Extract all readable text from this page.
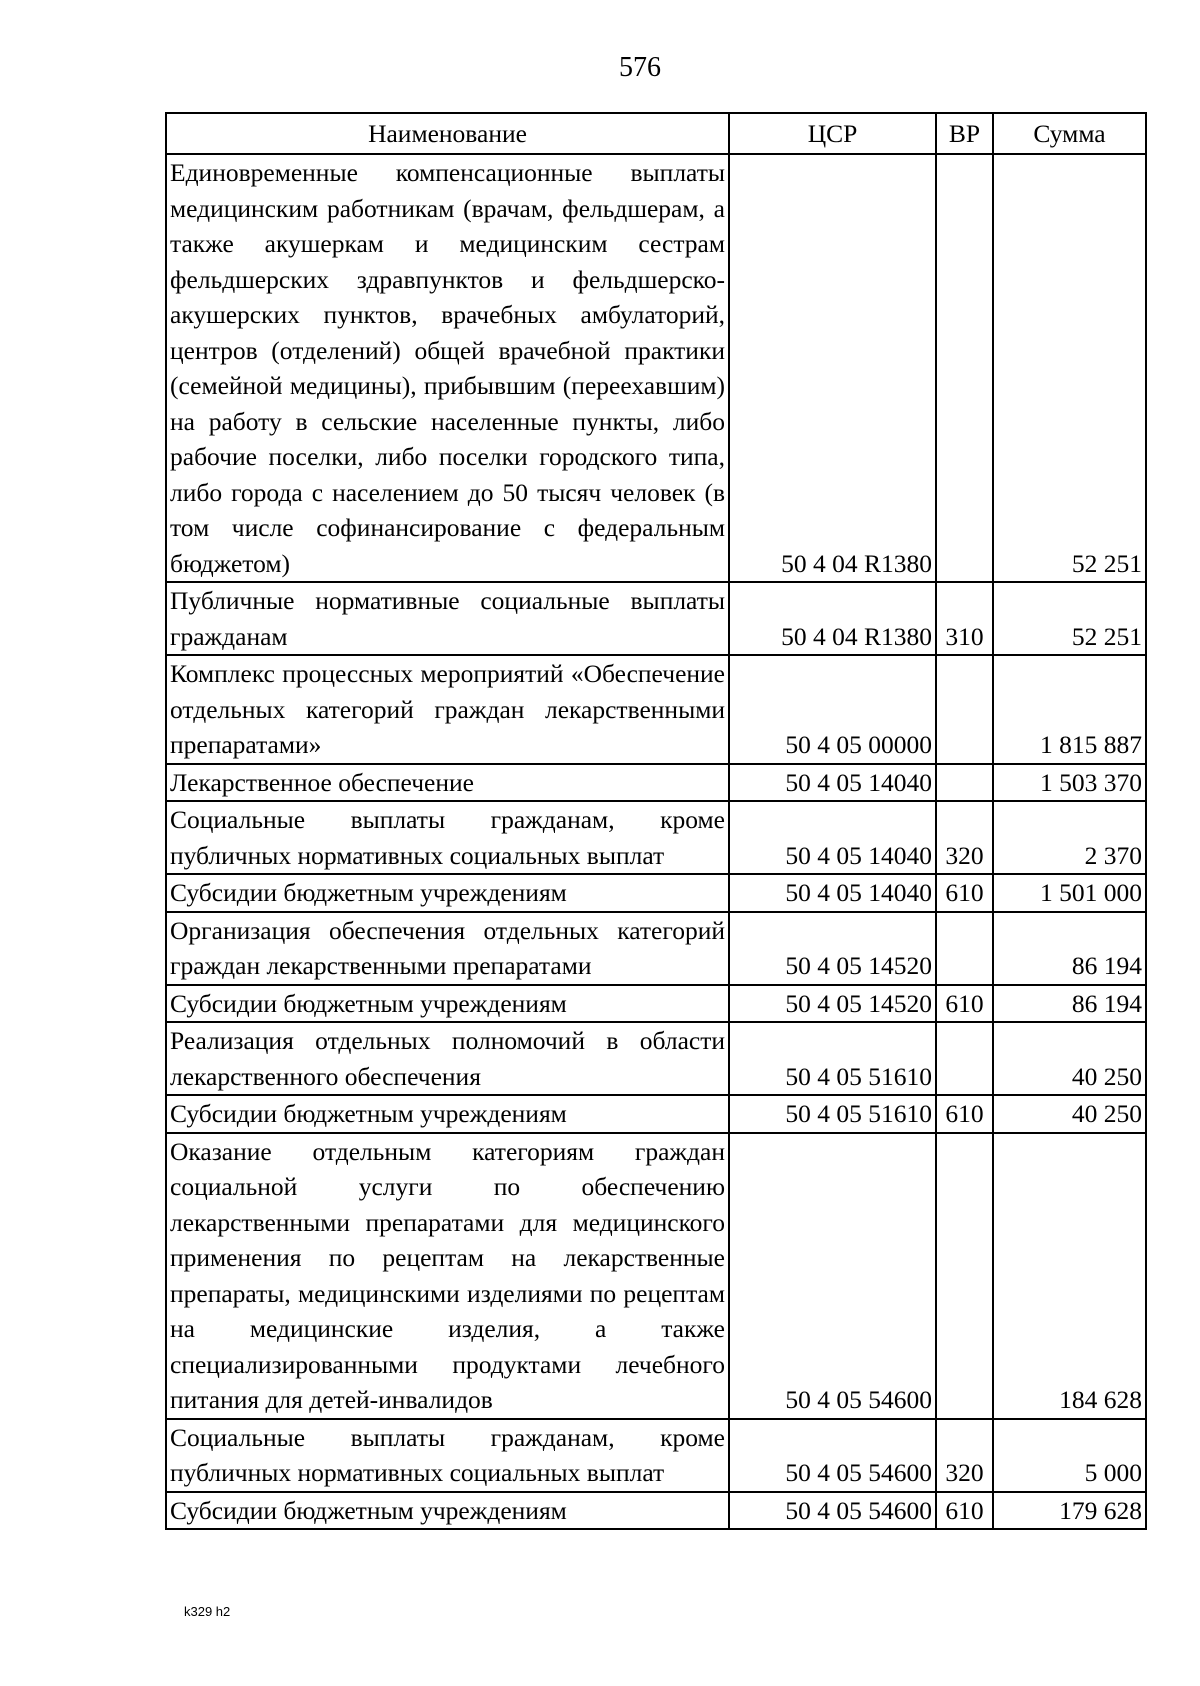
576
Наименование	ЦСР	ВР	Сумма
Единовременные компенсационные выплаты медицинским работникам (врачам, фельдшерам, а также акушеркам и медицинским сестрам фельдшерских здравпунктов и фельдшерско-акушерских пунктов, врачебных амбулаторий, центров (отделений) общей врачебной практики (семейной медицины), прибывшим (переехавшим) на работу в сельские населенные пункты, либо рабочие поселки, либо поселки городского типа, либо города с населением до 50 тысяч человек (в том числе софинансирование с федеральным бюджетом)	50 4 04 R1380		52 251
Публичные нормативные социальные выплаты гражданам	50 4 04 R1380	310	52 251
Комплекс процессных мероприятий «Обеспечение отдельных категорий граждан лекарственными препаратами»	50 4 05 00000		1 815 887
Лекарственное обеспечение	50 4 05 14040		1 503 370
Социальные выплаты гражданам, кроме публичных нормативных социальных выплат	50 4 05 14040	320	2 370
Субсидии бюджетным учреждениям	50 4 05 14040	610	1 501 000
Организация обеспечения отдельных категорий граждан лекарственными препаратами	50 4 05 14520		86 194
Субсидии бюджетным учреждениям	50 4 05 14520	610	86 194
Реализация отдельных полномочий в области лекарственного обеспечения	50 4 05 51610		40 250
Субсидии бюджетным учреждениям	50 4 05 51610	610	40 250
Оказание отдельным категориям граждан социальной услуги по обеспечению лекарственными препаратами для медицинского применения по рецептам на лекарственные препараты, медицинскими изделиями по рецептам на медицинские изделия, а также специализированными продуктами лечебного питания для детей-инвалидов	50 4 05 54600		184 628
Социальные выплаты гражданам, кроме публичных нормативных социальных выплат	50 4 05 54600	320	5 000
Субсидии бюджетным учреждениям	50 4 05 54600	610	179 628
k329 h2
